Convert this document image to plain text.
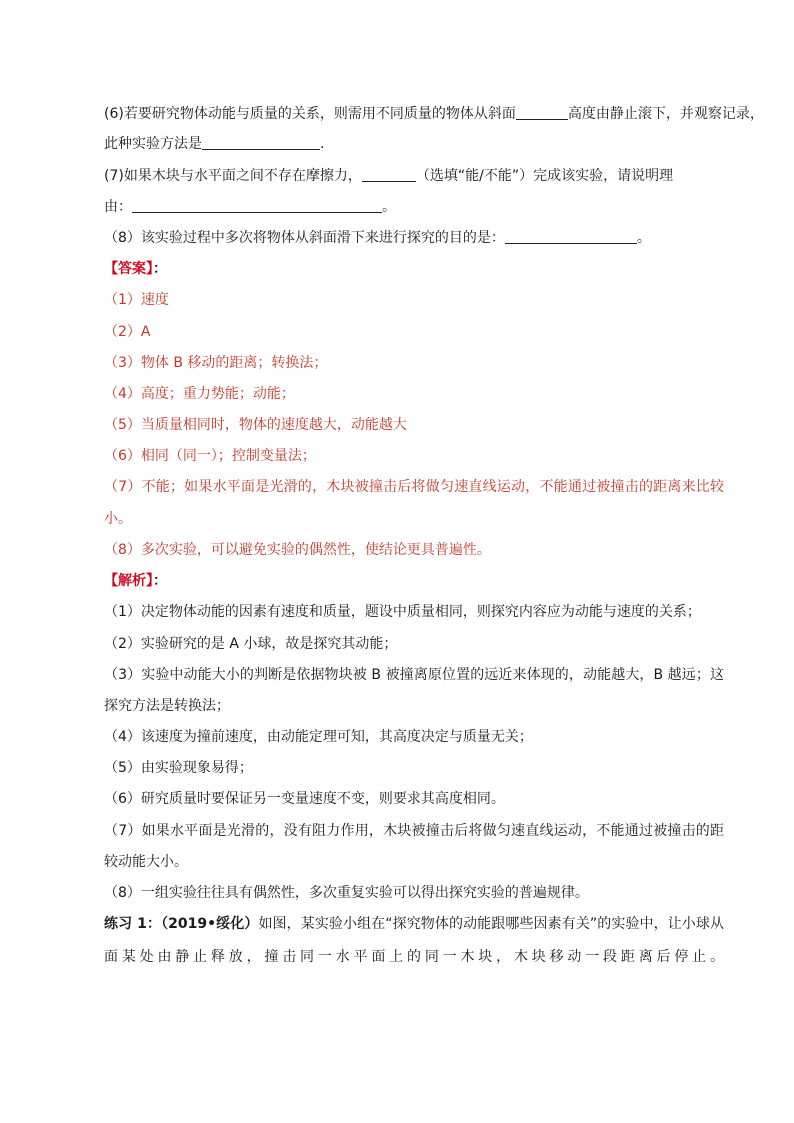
(6)若要研究物体动能与质量的关系，则需用不同质量的物体从斜面	高度由静止滚下，并观察记录，
此种实验方法是	.
(7)如果木块与水平面之间不存在摩擦力，	（选填“能/不能”）完成该实验，请说明理
由：	。
（8）该实验过程中多次将物体从斜面滑下来进行探究的目的是：	。
【答案】：
（1）速度
（2）A
（3）物体 B 移动的距离；转换法；
（4）高度；重力势能；动能；
（5）当质量相同时，物体的速度越大，动能越大
（6）相同（同一）；控制变量法；
（7）不能；如果水平面是光滑的，木块被撞击后将做匀速直线运动，不能通过被撞击的距离来比较
小。
（8）多次实验，可以避免实验的偶然性，使结论更具普遍性。
【解析】：
（1）决定物体动能的因素有速度和质量，题设中质量相同，则探究内容应为动能与速度的关系；
（2）实验研究的是 A 小球，故是探究其动能；
（3）实验中动能大小的判断是依据物块被 B 被撞离原位置的远近来体现的，动能越大，B 越远；这
探究方法是转换法；
（4）该速度为撞前速度，由动能定理可知，其高度决定与质量无关；
（5）由实验现象易得；
（6）研究质量时要保证另一变量速度不变，则要求其高度相同。
（7）如果水平面是光滑的，没有阻力作用，木块被撞击后将做匀速直线运动，不能通过被撞击的距
较动能大小。
（8）一组实验往往具有偶然性，多次重复实验可以得出探究实验的普遍规律。
练习 1：（2019•绥化）如图，某实验小组在“探究物体的动能跟哪些因素有关”的实验中，让小球从
面某处由静止释放，撞击同一水平面上的同一木块，木块移动一段距离后停止。
